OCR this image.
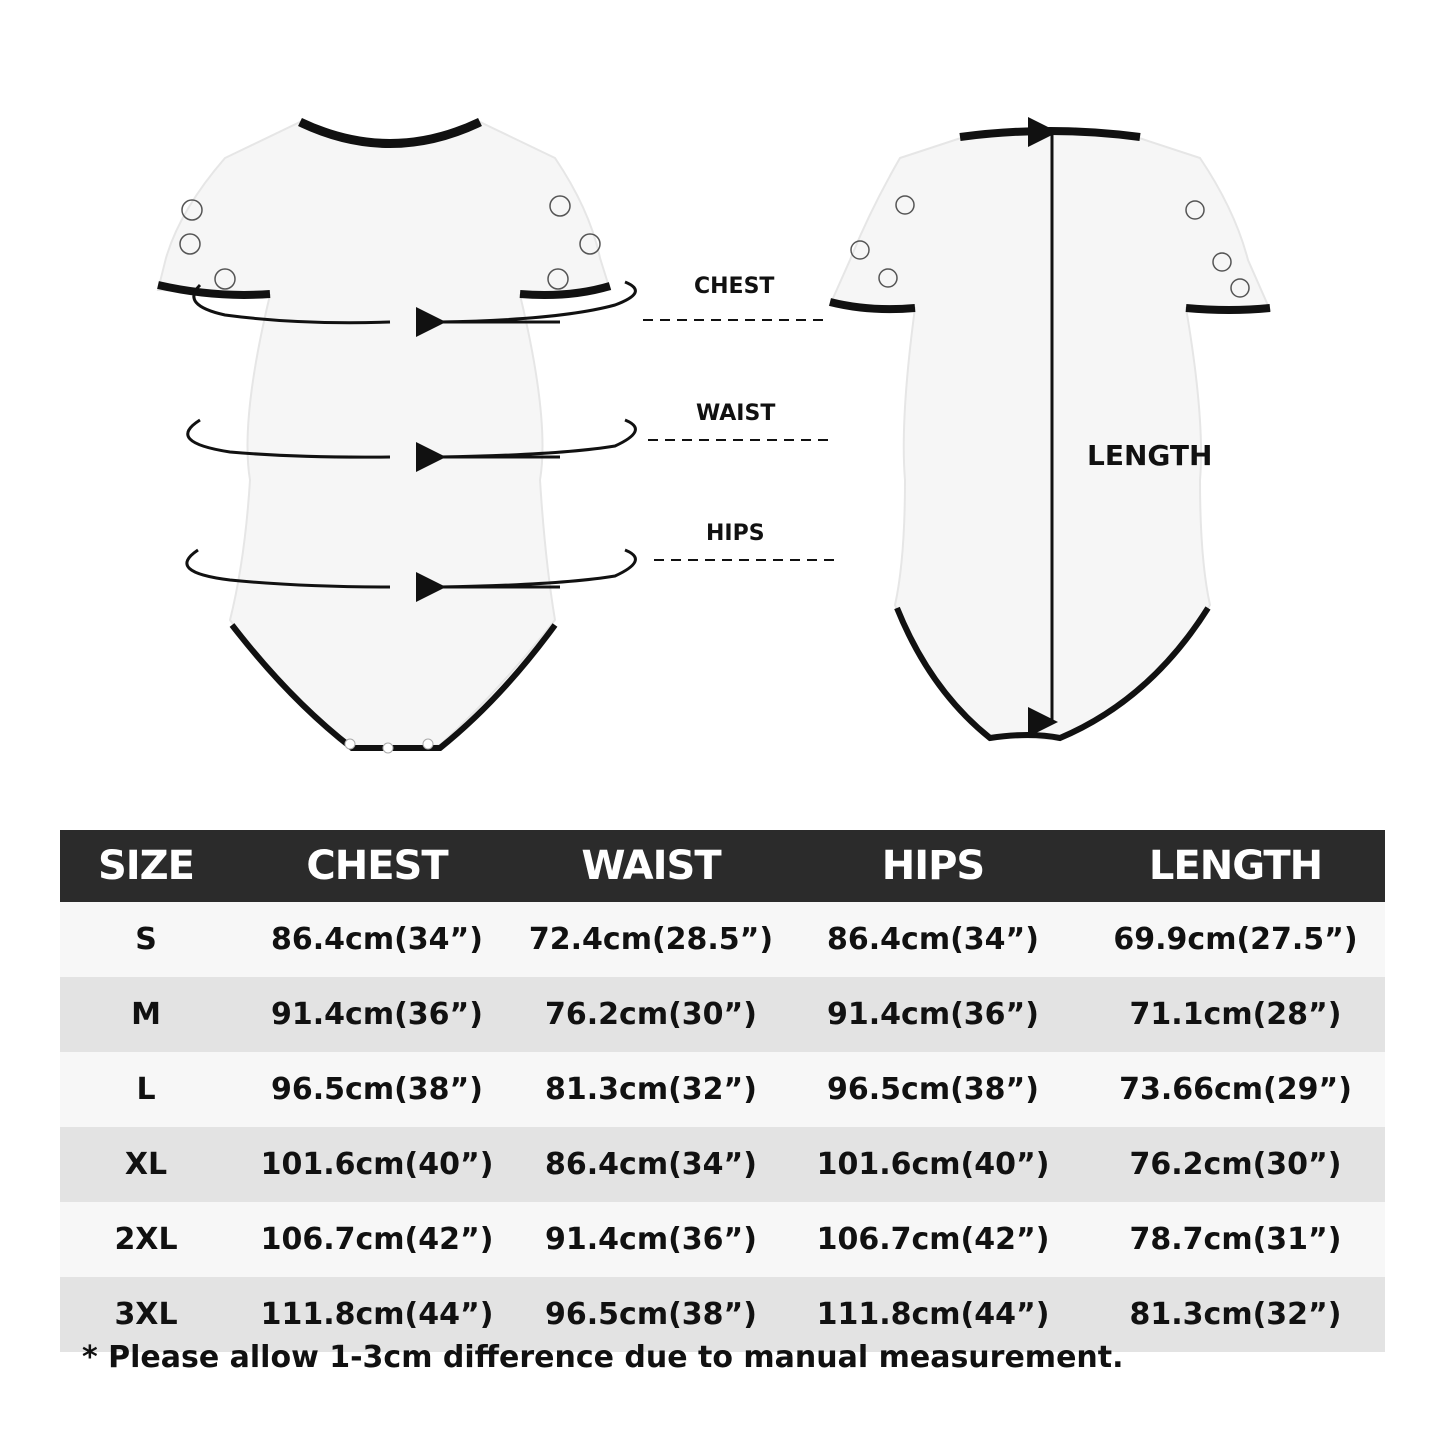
CHEST
WAIST
HIPS
LENGTH
SIZE	CHEST	WAIST	HIPS	LENGTH
S	86.4cm(34”)	72.4cm(28.5”)	86.4cm(34”)	69.9cm(27.5”)
M	91.4cm(36”)	76.2cm(30”)	91.4cm(36”)	71.1cm(28”)
L	96.5cm(38”)	81.3cm(32”)	96.5cm(38”)	73.66cm(29”)
XL	101.6cm(40”)	86.4cm(34”)	101.6cm(40”)	76.2cm(30”)
2XL	106.7cm(42”)	91.4cm(36”)	106.7cm(42”)	78.7cm(31”)
3XL	111.8cm(44”)	96.5cm(38”)	111.8cm(44”)	81.3cm(32”)
* Please allow 1-3cm difference due to manual measurement.
